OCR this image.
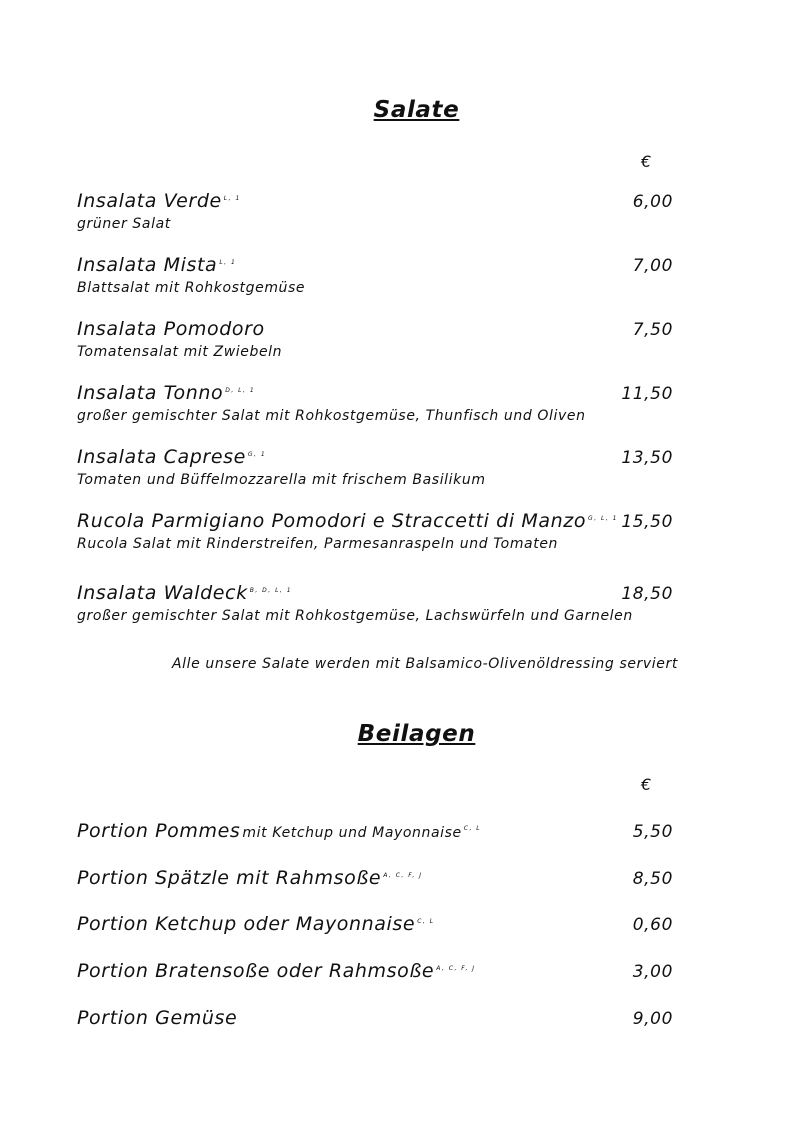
Salate
€
Insalata Verde $^{L, 1}$	6,00
grüner Salat
Insalata Mista $^{L, 1}$	7,00
Blattsalat mit Rohkostgemüse
Insalata Pomodoro	7,50
Tomatensalat mit Zwiebeln
Insalata Tonno $^{D, L, 1}$	11,50
großer gemischter Salat mit Rohkostgemüse, Thunfisch und Oliven
Insalata Caprese $^{G, 1}$	13,50
Tomaten und Büffelmozzarella mit frischem Basilikum
Rucola Parmigiano Pomodori e Straccetti di Manzo $^{G, L, 1}$ 15,50
Rucola Salat mit Rinderstreifen, Parmesanraspeln und Tomaten
Insalata Waldeck $^{B, D, L, 1}$	18,50
großer gemischter Salat mit Rohkostgemüse, Lachswürfeln und Garnelen
Alle unsere Salate werden mit Balsamico-Olivenöldressing serviert
Beilagen
€
Portion Pommes mit Ketchup und Mayonnaise $^{C, L}$	5,50
Portion Spätzle mit Rahmsoße $^{A, C, F, J}$	8,50
Portion Ketchup oder Mayonnaise $^{C, L}$	0,60
Portion Bratensoße oder Rahmsoße $^{A, C, F, J}$	3,00
Portion Gemüse	9,00
